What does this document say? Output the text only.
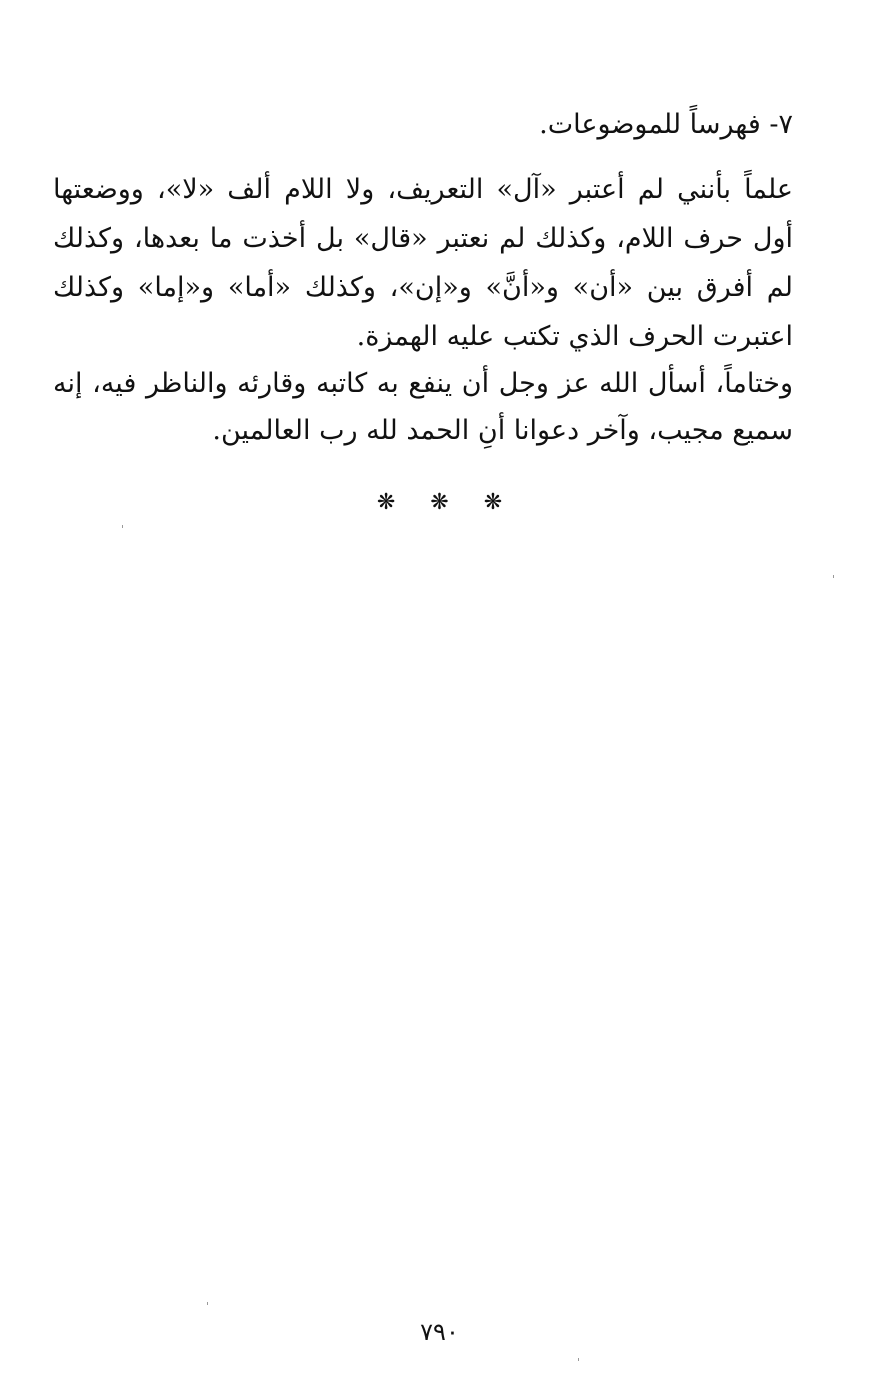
٧- فهرساً للموضوعات.

علماً بأنني لم أعتبر «آل» التعريف، ولا اللام ألف «لا»، ووضعتها أول حرف اللام، وكذلك لم نعتبر «قال» بل أخذت ما بعدها، وكذلك لم أفرق بين «أن» و«أنَّ» و«إن»، وكذلك «أما» و«إما» وكذلك اعتبرت الحرف الذي تكتب عليه الهمزة.

وختاماً، أسأل الله عز وجل أن ينفع به كاتبه وقارئه والناظر فيه، إنه سميع مجيب، وآخر دعوانا أنِ الحمد لله رب العالمين.

❋ ❋ ❋
٧٩٠
